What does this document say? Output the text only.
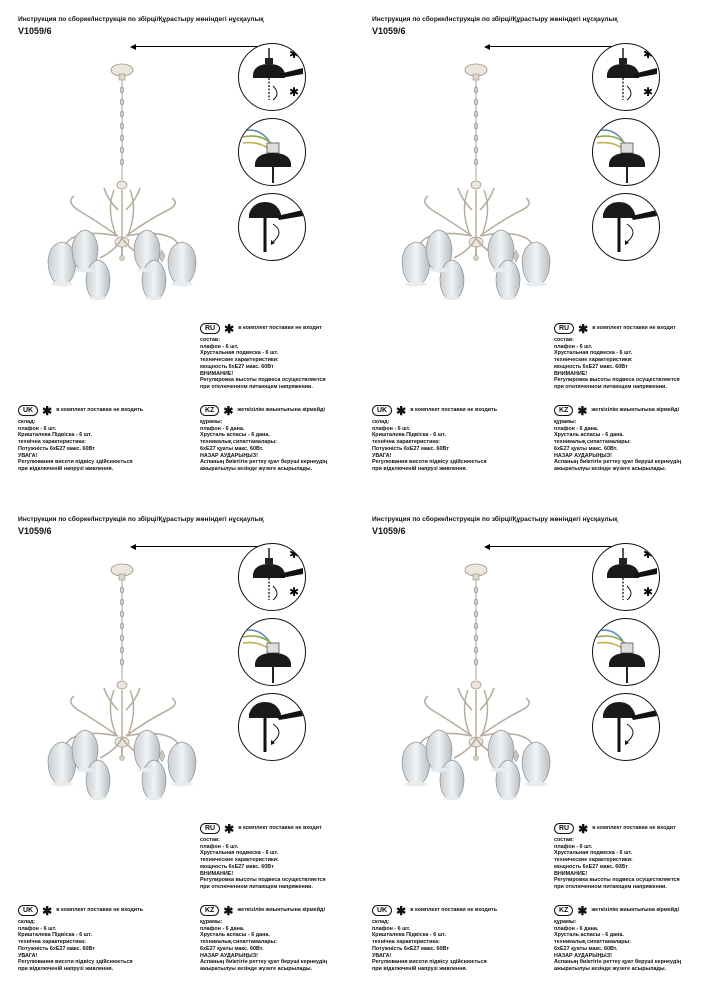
Инструкция по сборке/Інструкція по збірці/Құрастыру жөніндегі нұсқаулық
V1059/6
✱
✱
RU ✱ в комплект поставки не входит
состав:
плафон - 6 шт.
Хрустальная подвеска - 6 шт.
технические характеристики:
мощность 6хЕ27 макс. 60Вт
ВНИМАНИЕ!
Регулировка высоты подвеса осуществляется
при отключенном питающем напряжении.
UK ✱ в комплект поставки не входить
склад:
плафон - 6 шт.
Кришталева Підвіска - 6 шт.
технічна характеристика:
Потужність 6хЕ27 макс. 60Вт
УВАГА!
Регулювання висоти підвісу здійснюється
при відключеній напрузі живлення.
KZ ✱ жеткізілім жиынтығына кірмейді
құрамы:
плафон - 6 дана.
Хрусталь аспасы - 6 дана.
техникалық сипаттамалары:
6хЕ27 қуаты макс. 60Вт.
НАЗАР АУДАРЫҢЫЗ!
Аспаның биіктігін реттеу қуат беруші кернеудің
ажыратылуы кезінде жүзеге асырылады.
Инструкция по сборке/Інструкція по збірці/Құрастыру жөніндегі нұсқаулық
V1059/6
✱
✱
RU ✱ в комплект поставки не входит
состав:
плафон - 6 шт.
Хрустальная подвеска - 6 шт.
технические характеристики:
мощность 6хЕ27 макс. 60Вт
ВНИМАНИЕ!
Регулировка высоты подвеса осуществляется
при отключенном питающем напряжении.
UK ✱ в комплект поставки не входить
склад:
плафон - 6 шт.
Кришталева Підвіска - 6 шт.
технічна характеристика:
Потужність 6хЕ27 макс. 60Вт
УВАГА!
Регулювання висоти підвісу здійснюється
при відключеній напрузі живлення.
KZ ✱ жеткізілім жиынтығына кірмейді
құрамы:
плафон - 6 дана.
Хрусталь аспасы - 6 дана.
техникалық сипаттамалары:
6хЕ27 қуаты макс. 60Вт.
НАЗАР АУДАРЫҢЫЗ!
Аспаның биіктігін реттеу қуат беруші кернеудің
ажыратылуы кезінде жүзеге асырылады.
Инструкция по сборке/Інструкція по збірці/Құрастыру жөніндегі нұсқаулық
V1059/6
✱
✱
RU ✱ в комплект поставки не входит
состав:
плафон - 6 шт.
Хрустальная подвеска - 6 шт.
технические характеристики:
мощность 6хЕ27 макс. 60Вт
ВНИМАНИЕ!
Регулировка высоты подвеса осуществляется
при отключенном питающем напряжении.
UK ✱ в комплект поставки не входить
склад:
плафон - 6 шт.
Кришталева Підвіска - 6 шт.
технічна характеристика:
Потужність 6хЕ27 макс. 60Вт
УВАГА!
Регулювання висоти підвісу здійснюється
при відключеній напрузі живлення.
KZ ✱ жеткізілім жиынтығына кірмейді
құрамы:
плафон - 6 дана.
Хрусталь аспасы - 6 дана.
техникалық сипаттамалары:
6хЕ27 қуаты макс. 60Вт.
НАЗАР АУДАРЫҢЫЗ!
Аспаның биіктігін реттеу қуат беруші кернеудің
ажыратылуы кезінде жүзеге асырылады.
Инструкция по сборке/Інструкція по збірці/Құрастыру жөніндегі нұсқаулық
V1059/6
✱
✱
RU ✱ в комплект поставки не входит
состав:
плафон - 6 шт.
Хрустальная подвеска - 6 шт.
технические характеристики:
мощность 6хЕ27 макс. 60Вт
ВНИМАНИЕ!
Регулировка высоты подвеса осуществляется
при отключенном питающем напряжении.
UK ✱ в комплект поставки не входить
склад:
плафон - 6 шт.
Кришталева Підвіска - 6 шт.
технічна характеристика:
Потужність 6хЕ27 макс. 60Вт
УВАГА!
Регулювання висоти підвісу здійснюється
при відключеній напрузі живлення.
KZ ✱ жеткізілім жиынтығына кірмейді
құрамы:
плафон - 6 дана.
Хрусталь аспасы - 6 дана.
техникалық сипаттамалары:
6хЕ27 қуаты макс. 60Вт.
НАЗАР АУДАРЫҢЫЗ!
Аспаның биіктігін реттеу қуат беруші кернеудің
ажыратылуы кезінде жүзеге асырылады.
